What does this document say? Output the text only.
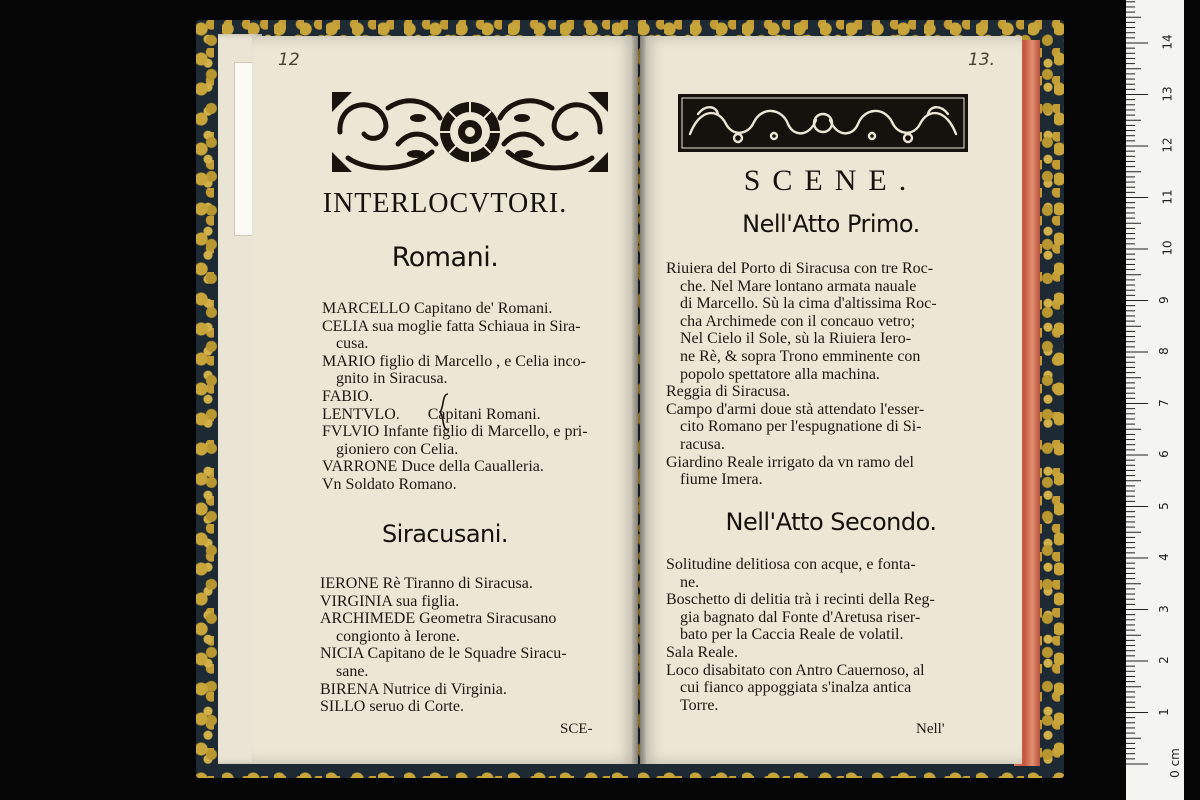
12
INTERLOCVTORI.
Romani.
MARCELLO Capitano de' Romani.
CELIA sua moglie fatta Schiaua in Sira-
cusa.
MARIO figlio di Marcello , e Celia inco-
gnito in Siracusa.
FABIO.
LENTVLO.       Capitani Romani.
FVLVIO Infante figlio di Marcello, e pri-
gioniero con Celia.
VARRONE Duce della Caualleria.
Vn Soldato Romano.
Siracusani.
IERONE Rè Tiranno di Siracusa.
VIRGINIA sua figlia.
ARCHIMEDE Geometra Siracusano
congionto à Ierone.
NICIA Capitano de le Squadre Siracu-
sane.
BIRENA Nutrice di Virginia.
SILLO seruo di Corte.
SCE-
13.
SCENE.
Nell'Atto Primo.
Riuiera del Porto di Siracusa con tre Roc-
che. Nel Mare lontano armata nauale
di Marcello. Sù la cima d'altissima Roc-
cha Archimede con il concauo vetro;
Nel Cielo il Sole, sù la Riuiera Iero-
ne Rè, & sopra Trono emminente con
popolo spettatore alla machina.
Reggia di Siracusa.
Campo d'armi doue stà attendato l'esser-
cito Romano per l'espugnatione di Si-
racusa.
Giardino Reale irrigato da vn ramo del
fiume Imera.
Nell'Atto Secondo.
Solitudine delitiosa con acque, e fonta-
ne.
Boschetto di delitia trà i recinti della Reg-
gia bagnato dal Fonte d'Aretusa riser-
bato per la Caccia Reale de volatil.
Sala Reale.
Loco disabitato con Antro Cauernoso, al
cui fianco appoggiata s'inalza antica
Torre.
Nell'
0 cm
1
2
3
4
5
6
7
8
9
10
11
12
13
14
